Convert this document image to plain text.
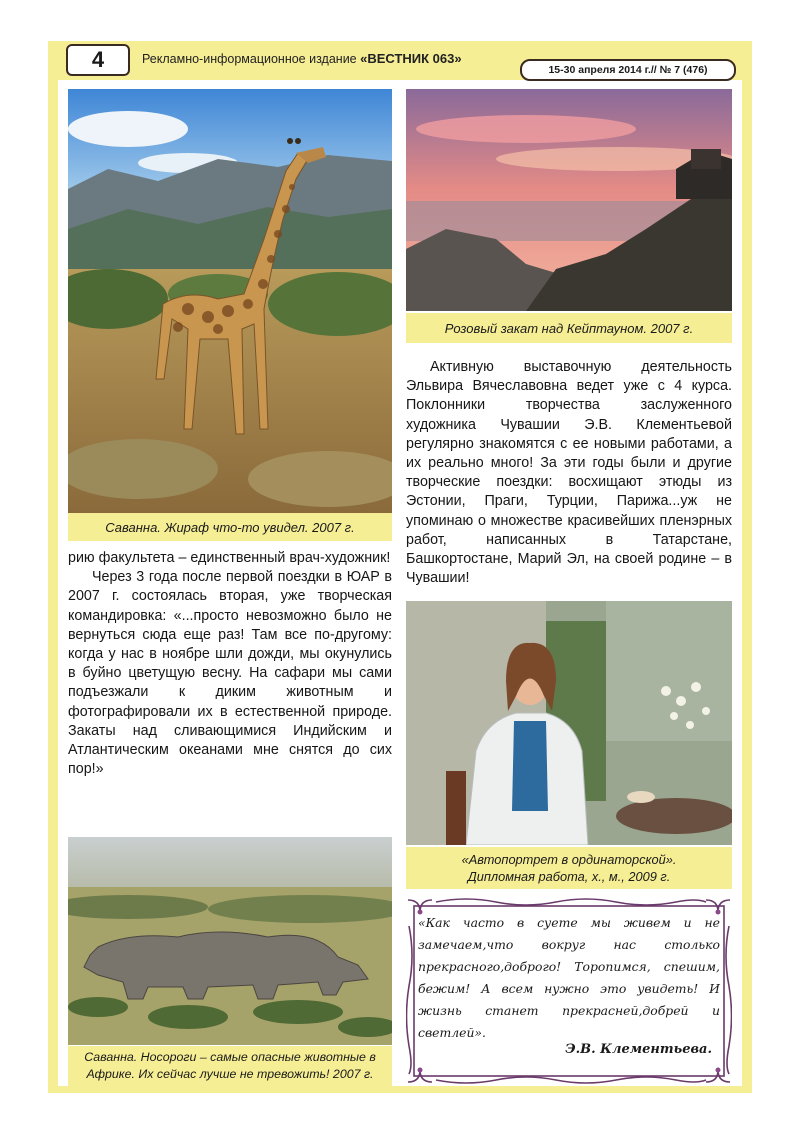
4	Рекламно-информационное издание «ВЕСТНИК 063»
15-30 апреля 2014 г.// № 7 (476)
Саванна. Жираф что-то увидел. 2007 г.
Розовый закат над Кейптауном. 2007 г.

рию факультета – единственный врач-художник!

Через 3 года после первой поездки в ЮАР в 2007 г. состоялась вторая, уже творческая командировка: «...просто невозможно было не вернуться сюда еще раз! Там все по-другому: когда у нас в ноябре шли дожди, мы окунулись в буйно цветущую весну. На сафари мы сами подъезжали к диким животным и фотографировали их в естественной природе. Закаты над сливающимися Индийским и Атлантическим океанами мне снятся до сих пор!»

Саванна. Носороги – самые опасные животные в
Африке. Их сейчас лучше не тревожить! 2007 г.

Активную выставочную деятельность Эльвира Вячеславовна ведет уже с 4 курса. Поклонники творчества заслуженного художника Чувашии Э.В. Клементьевой регулярно знакомятся с ее новыми работами, а их реально много! За эти годы были и другие творческие поездки: восхищают этюды из Эстонии, Праги, Турции, Парижа...уж не упоминаю о множестве красивейших пленэрных работ, написанных в Татарстане, Башкортостане, Марий Эл, на своей родине – в Чувашии!

«Автопортрет в ординаторской».
Дипломная работа, х., м., 2009 г.
«Как часто в суете мы живем и не замечаем,что вокруг нас столько прекрасного,доброго! Торопимся, спешим, бежим! А всем нужно это увидеть! И жизнь станет прекрасней,добрей и светлей».
Э.В. Клементьева.
